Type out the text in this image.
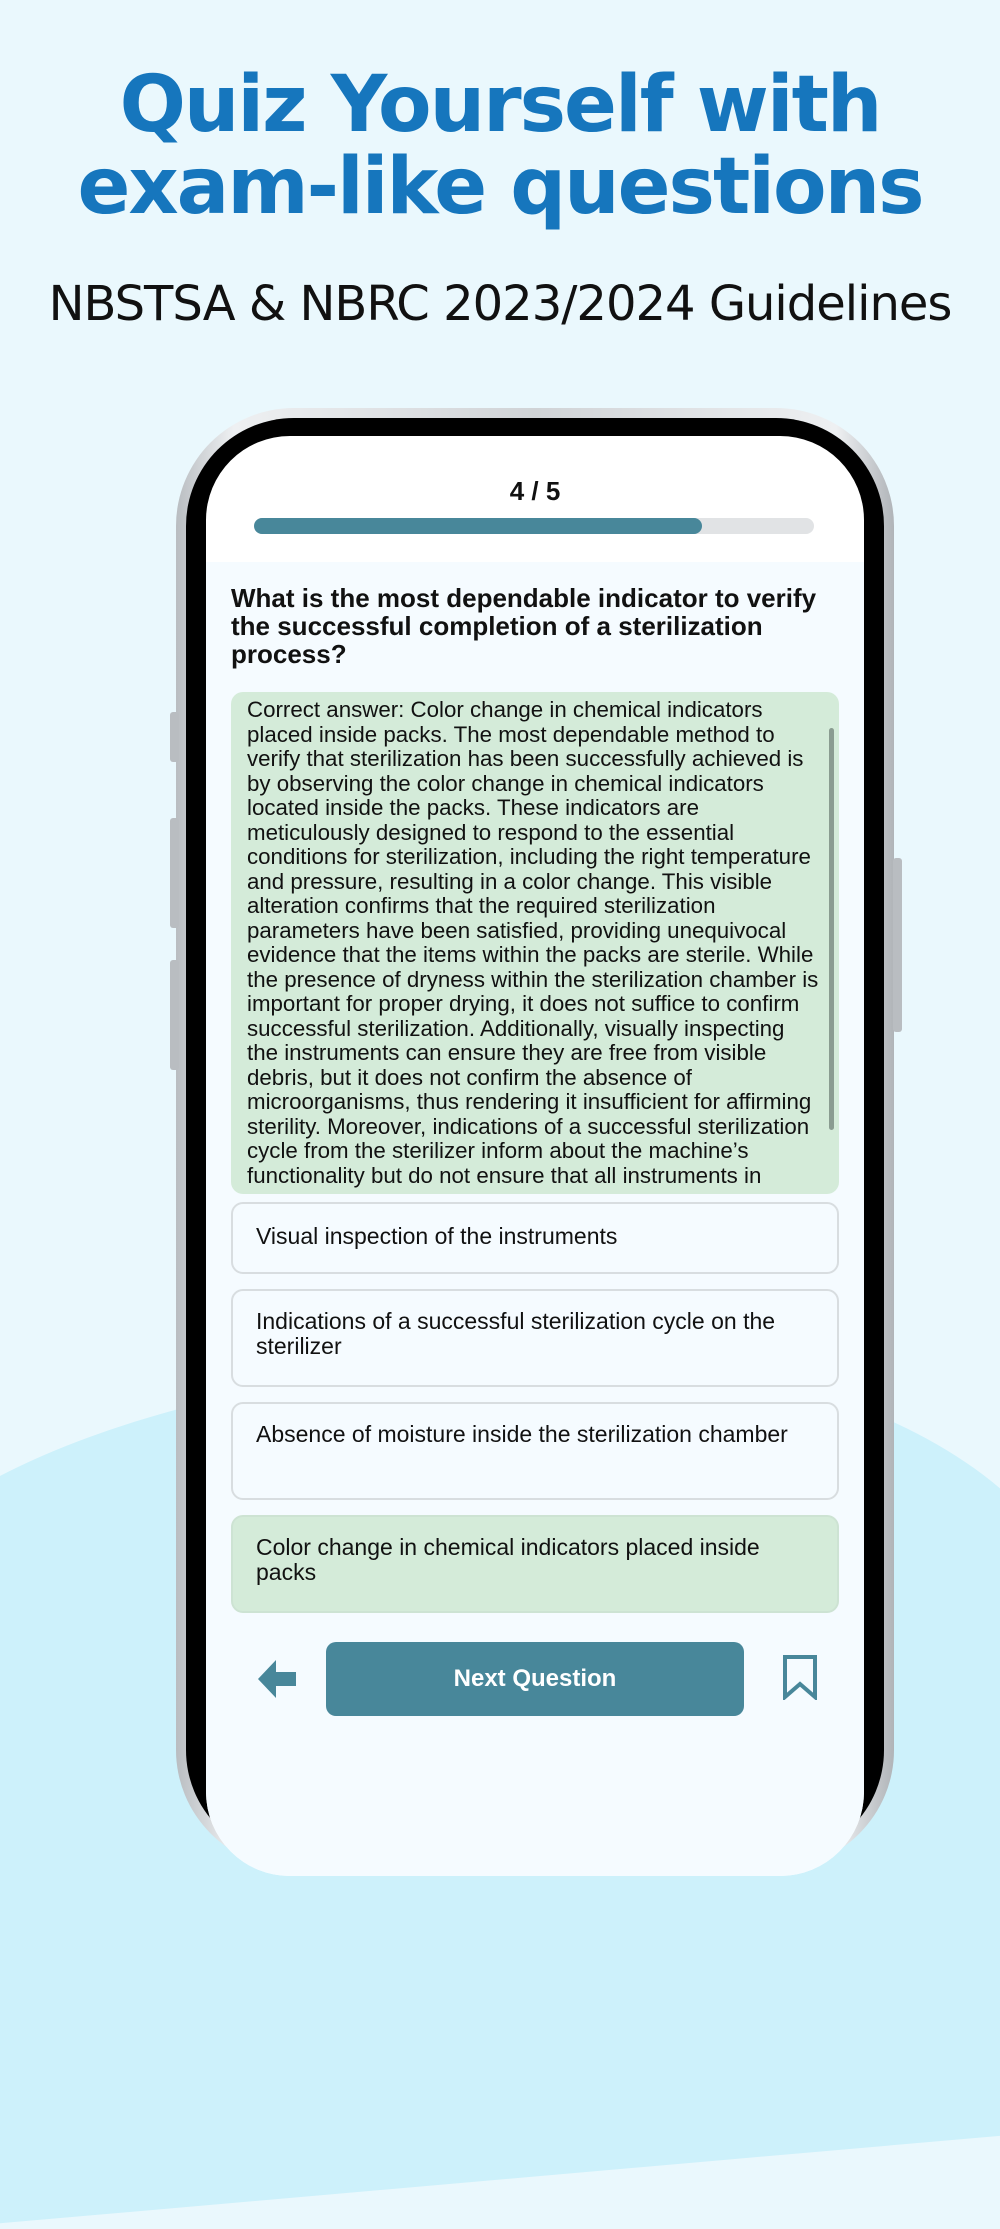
Quiz Yourself with
exam-like questions
NBSTSA & NBRC 2023/2024 Guidelines
4 / 5
What is the most dependable indicator to verify the successful completion of a sterilization process?
Correct answer: Color change in chemical indicators placed inside packs. The most dependable method to verify that sterilization has been successfully achieved is by observing the color change in chemical indicators located inside the packs. These indicators are meticulously designed to respond to the essential conditions for sterilization, including the right temperature and pressure, resulting in a color change. This visible alteration confirms that the required sterilization parameters have been satisfied, providing unequivocal evidence that the items within the packs are sterile. While the presence of dryness within the sterilization chamber is important for proper drying, it does not suffice to confirm successful sterilization. Additionally, visually inspecting the instruments can ensure they are free from visible debris, but it does not confirm the absence of microorganisms, thus rendering it insufficient for affirming sterility. Moreover, indications of a successful sterilization cycle from the sterilizer inform about the machine’s functionality but do not ensure that all instruments in
Visual inspection of the instruments
Indications of a successful sterilization cycle on the sterilizer
Absence of moisture inside the sterilization chamber
Color change in chemical indicators placed inside packs
Next Question
